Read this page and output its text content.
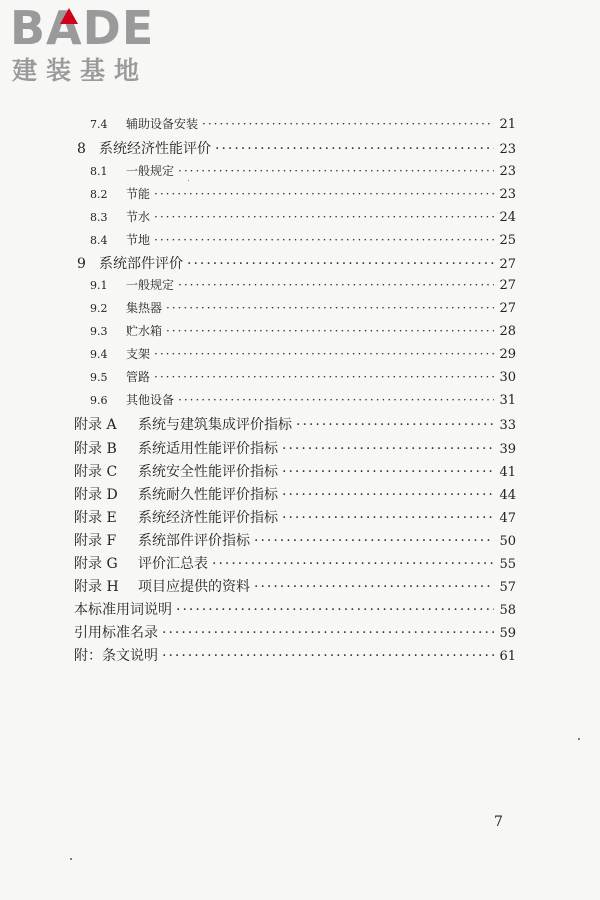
BADE
建装基地
7.4	辅助设备安装 ·····	21
8 系统经济性能评价 ·····	23
8.1	一般规定 ·····	23
8.2	节能 ·····	23
8.3	节水 ·····	24
8.4	节地 ·····	25
9 系统部件评价 ·····	27
9.1	一般规定 ·····	27
9.2	集热器 ·····	27
9.3	贮水箱 ·····	28
9.4	支架 ·····	29
9.5	管路 ·····	30
9.6	其他设备 ·····	31
附录 A	系统与建筑集成评价指标 ·····	33
附录 B	系统适用性能评价指标 ·····	39
附录 C	系统安全性能评价指标 ·····	41
附录 D	系统耐久性能评价指标 ·····	44
附录 E	系统经济性能评价指标 ·····	47
附录 F	系统部件评价指标 ·····	50
附录 G	评价汇总表 ·····	55
附录 H	项目应提供的资料 ·····	57
本标准用词说明 ·····	58
引用标准名录 ·····	59
附：条文说明 ·····	61
7
